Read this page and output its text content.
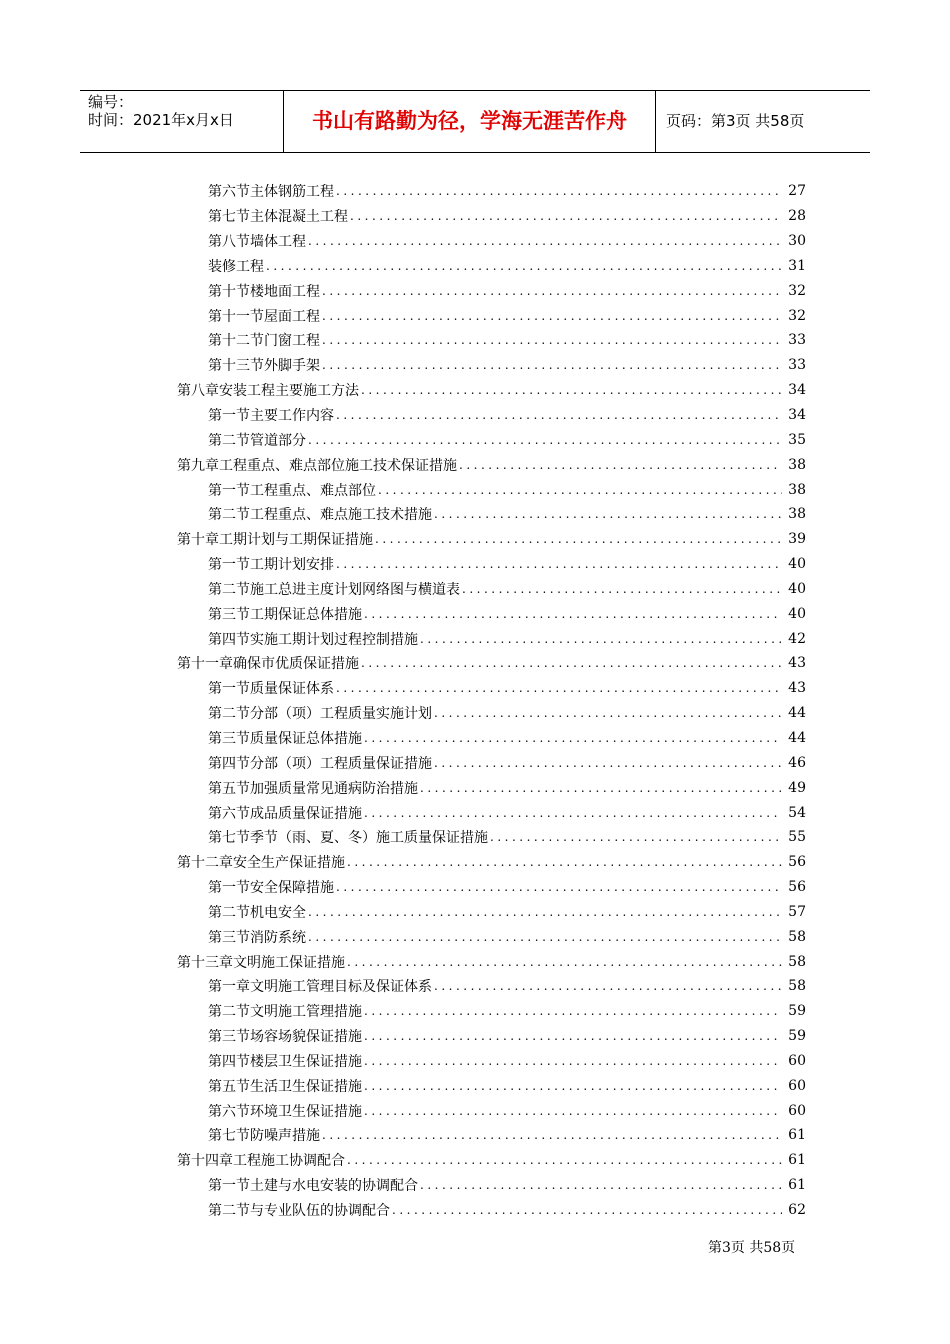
编号：
时间：2021年x月x日	书山有路勤为径，学海无涯苦作舟	页码：第3页 共58页
第六节主体钢筋工程 .....	27
第七节主体混凝土工程 .....	28
第八节墙体工程 .....	30
装修工程 .....	31
第十节楼地面工程 .....	32
第十一节屋面工程 .....	32
第十二节门窗工程 .....	33
第十三节外脚手架 .....	33
第八章安装工程主要施工方法 .....	34
第一节主要工作内容 .....	34
第二节管道部分 .....	35
第九章工程重点、难点部位施工技术保证措施 .....	38
第一节工程重点、难点部位 .....	38
第二节工程重点、难点施工技术措施 .....	38
第十章工期计划与工期保证措施 .....	39
第一节工期计划安排 .....	40
第二节施工总进主度计划网络图与横道表 .....	40
第三节工期保证总体措施 .....	40
第四节实施工期计划过程控制措施 .....	42
第十一章确保市优质保证措施 .....	43
第一节质量保证体系 .....	43
第二节分部（项）工程质量实施计划 .....	44
第三节质量保证总体措施 .....	44
第四节分部（项）工程质量保证措施 .....	46
第五节加强质量常见通病防治措施 .....	49
第六节成品质量保证措施 .....	54
第七节季节（雨、夏、冬）施工质量保证措施 .....	55
第十二章安全生产保证措施 .....	56
第一节安全保障措施 .....	56
第二节机电安全 .....	57
第三节消防系统 .....	58
第十三章文明施工保证措施 .....	58
第一章文明施工管理目标及保证体系 .....	58
第二节文明施工管理措施 .....	59
第三节场容场貌保证措施 .....	59
第四节楼层卫生保证措施 .....	60
第五节生活卫生保证措施 .....	60
第六节环境卫生保证措施 .....	60
第七节防噪声措施 .....	61
第十四章工程施工协调配合 .....	61
第一节土建与水电安装的协调配合 .....	61
第二节与专业队伍的协调配合 .....	62
第3页 共58页
